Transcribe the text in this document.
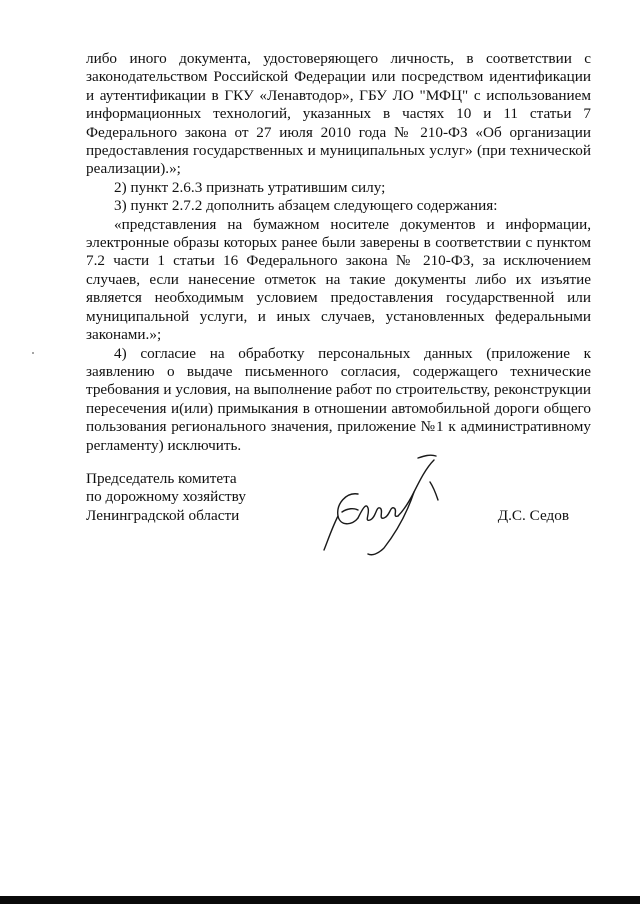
либо иного документа, удостоверяющего личность, в соответствии с законодательством Российской Федерации или посредством идентификации и аутентификации в ГКУ «Ленавтодор», ГБУ ЛО "МФЦ" с использованием информационных технологий, указанных в частях 10 и 11 статьи 7 Федерального закона от 27 июля 2010 года № 210-ФЗ «Об организации предоставления государственных и муниципальных услуг» (при технической реализации).»;

2) пункт 2.6.3 признать утратившим силу;

3) пункт 2.7.2 дополнить абзацем следующего содержания:

«представления на бумажном носителе документов и информации, электронные образы которых ранее были заверены в соответствии с пунктом 7.2 части 1 статьи 16 Федерального закона № 210-ФЗ, за исключением случаев, если нанесение отметок на такие документы либо их изъятие является необходимым условием предоставления государственной или муниципальной услуги, и иных случаев, установленных федеральными законами.»;

4) согласие на обработку персональных данных (приложение к заявлению о выдаче письменного согласия, содержащего технические требования и условия, на выполнение работ по строительству, реконструкции пересечения и(или) примыкания в отношении автомобильной дороги общего пользования регионального значения, приложение №1 к административному регламенту) исключить.

Председатель комитета
по дорожному хозяйству
Ленинградской области	Д.С. Седов
